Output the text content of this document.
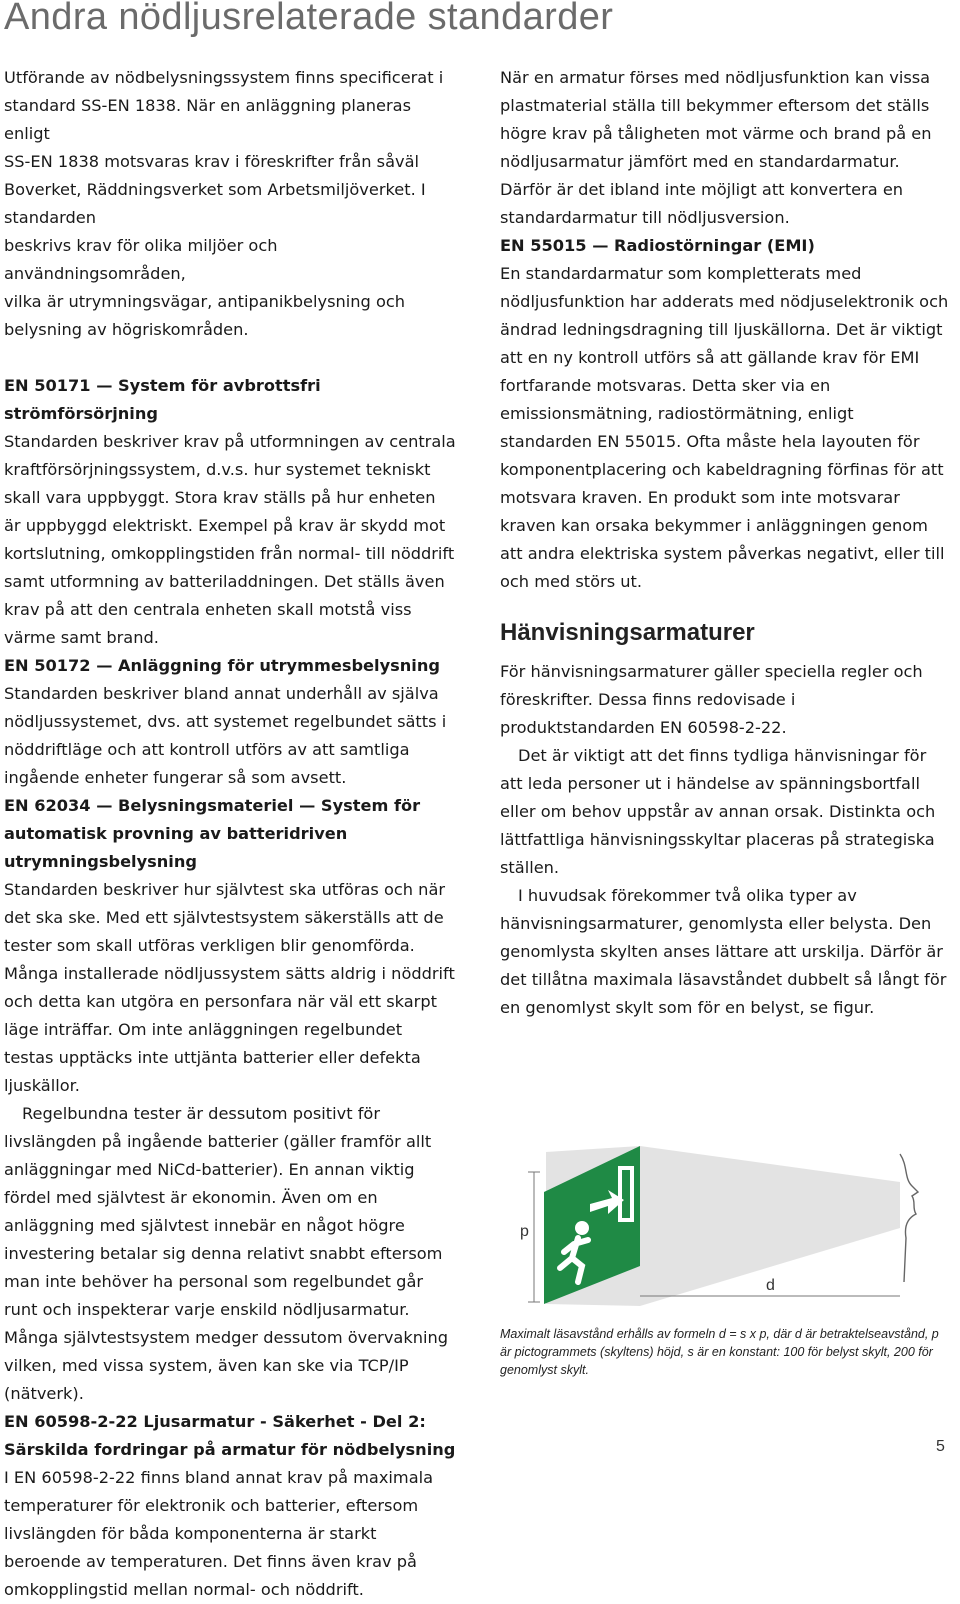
Andra nödljusrelaterade standarder

Utförande av nödbelysningssystem finns specificerat i

standard SS-EN 1838. När en anläggning planeras enligt

SS-EN 1838 motsvaras krav i föreskrifter från såväl Boverket, Räddningsverket som Arbetsmiljöverket. I standarden

beskrivs krav för olika miljöer och användningsområden,

vilka är utrymningsvägar, antipanikbelysning och belysning av högriskområden.

EN 50171 — System för avbrottsfri strömförsörjning

Standarden beskriver krav på utformningen av centrala kraftförsörjningssystem, d.v.s. hur systemet tekniskt skall vara uppbyggt. Stora krav ställs på hur enheten är uppbyggd elektriskt. Exempel på krav är skydd mot kortslutning, omkopplingstiden från normal- till nöddrift samt utformning av batteriladdningen. Det ställs även krav på att den centrala enheten skall motstå viss värme samt brand.

EN 50172 — Anläggning för utrymmesbelysning

Standarden beskriver bland annat underhåll av själva nödljussystemet, dvs. att systemet regelbundet sätts i nöddriftläge och att kontroll utförs av att samtliga ingående enheter fungerar så som avsett.

EN 62034 — Belysningsmateriel — System för automatisk provning av batteridriven utrymningsbelysning

Standarden beskriver hur självtest ska utföras och när det ska ske. Med ett självtestsystem säkerställs att de tester som skall utföras verkligen blir genomförda. Många installerade nödljussystem sätts aldrig i nöddrift och detta kan utgöra en personfara när väl ett skarpt läge inträffar. Om inte anläggningen regelbundet testas upptäcks inte uttjänta batterier eller defekta ljuskällor.

Regelbundna tester är dessutom positivt för livslängden på ingående batterier (gäller framför allt anläggningar med NiCd-batterier). En annan viktig fördel med självtest är ekonomin. Även om en anläggning med självtest innebär en något högre investering betalar sig denna relativt snabbt eftersom man inte behöver ha personal som regelbundet går runt och inspekterar varje enskild nödljusarmatur. Många självtestsystem medger dessutom övervakning vilken, med vissa system, även kan ske via TCP/IP (nätverk).

EN 60598-2-22 Ljusarmatur - Säkerhet - Del 2: Särskilda fordringar på armatur för nödbelysning

I EN 60598-2-22 finns bland annat krav på maximala temperaturer för elektronik och batterier, eftersom livslängden för båda komponenterna är starkt beroende av temperaturen. Det finns även krav på omkopplingstid mellan normal- och nöddrift.

När en armatur förses med nödljusfunktion kan vissa plastmaterial ställa till bekymmer eftersom det ställs högre krav på tåligheten mot värme och brand på en nödljusarmatur jämfört med en standardarmatur. Därför är det ibland inte möjligt att konvertera en standardarmatur till nödljusversion.

EN 55015 — Radiostörningar (EMI)

En standardarmatur som kompletterats med nödljusfunktion har adderats med nödjuselektronik och ändrad ledningsdragning till ljuskällorna. Det är viktigt att en ny kontroll utförs så att gällande krav för EMI fortfarande motsvaras. Detta sker via en emissionsmätning, radiostörmätning, enligt standarden EN 55015. Ofta måste hela layouten för komponentplacering och kabeldragning förfinas för att motsvara kraven. En produkt som inte motsvarar kraven kan orsaka bekymmer i anläggningen genom att andra elektriska system påverkas negativt, eller till och med störs ut.

Hänvisningsarmaturer

För hänvisningsarmaturer gäller speciella regler och föreskrifter. Dessa finns redovisade i produktstandarden EN 60598-2-22.

Det är viktigt att det finns tydliga hänvisningar för att leda personer ut i händelse av spänningsbortfall eller om behov uppstår av annan orsak. Distinkta och lättfattliga hänvisningsskyltar placeras på strategiska ställen.

I huvudsak förekommer två olika typer av hänvisningsarmaturer, genomlysta eller belysta. Den genomlysta skylten anses lättare att urskilja. Därför är det tillåtna maximala läsavståndet dubbelt så långt för en genomlyst skylt som för en belyst, se figur.

p
d
Maximalt läsavstånd erhålls av formeln d = s x p, där d är betraktelseavstånd, p är pictogrammets (skyltens) höjd, s är en konstant: 100 för belyst skylt, 200 för genomlyst skylt.
5
